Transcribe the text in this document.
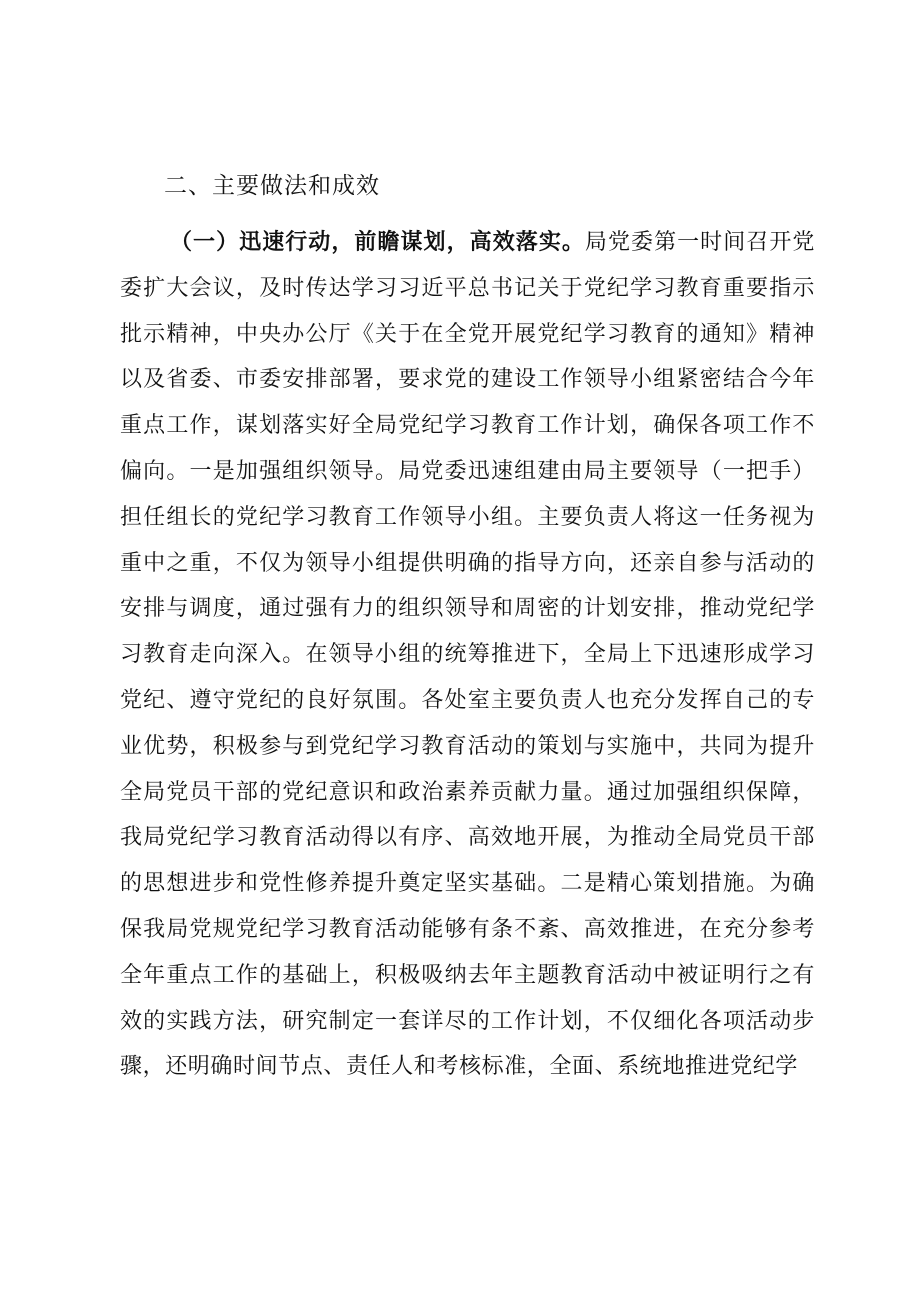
二、主要做法和成效

（一）迅速行动，前瞻谋划，高效落实。局党委第一时间召开党委扩大会议，及时传达学习习近平总书记关于党纪学习教育重要指示批示精神，中央办公厅《关于在全党开展党纪学习教育的通知》精神以及省委、市委安排部署，要求党的建设工作领导小组紧密结合今年重点工作，谋划落实好全局党纪学习教育工作计划，确保各项工作不偏向。一是加强组织领导。局党委迅速组建由局主要领导（一把手）担任组长的党纪学习教育工作领导小组。主要负责人将这一任务视为重中之重，不仅为领导小组提供明确的指导方向，还亲自参与活动的安排与调度，通过强有力的组织领导和周密的计划安排，推动党纪学习教育走向深入。在领导小组的统筹推进下，全局上下迅速形成学习党纪、遵守党纪的良好氛围。各处室主要负责人也充分发挥自己的专业优势，积极参与到党纪学习教育活动的策划与实施中，共同为提升全局党员干部的党纪意识和政治素养贡献力量。通过加强组织保障，我局党纪学习教育活动得以有序、高效地开展，为推动全局党员干部的思想进步和党性修养提升奠定坚实基础。二是精心策划措施。为确保我局党规党纪学习教育活动能够有条不紊、高效推进，在充分参考全年重点工作的基础上，积极吸纳去年主题教育活动中被证明行之有效的实践方法，研究制定一套详尽的工作计划，不仅细化各项活动步骤，还明确时间节点、责任人和考核标准，全面、系统地推进党纪学
